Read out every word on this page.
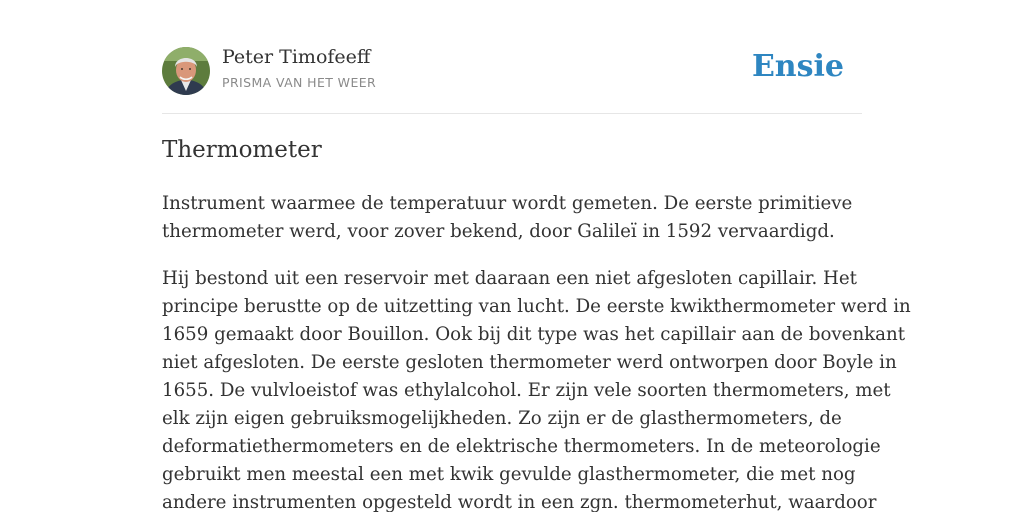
Peter Timofeeff
PRISMA VAN HET WEER	Ensie
Thermometer

Instrument waarmee de temperatuur wordt gemeten. De eerste primitieve
thermometer werd, voor zover bekend, door Galileï in 1592 vervaardigd.

Hij bestond uit een reservoir met daaraan een niet afgesloten capillair. Het
principe berustte op de uitzetting van lucht. De eerste kwikthermometer werd in
1659 gemaakt door Bouillon. Ook bij dit type was het capillair aan de bovenkant
niet afgesloten. De eerste gesloten thermometer werd ontworpen door Boyle in
1655. De vulvloeistof was ethylalcohol. Er zijn vele soorten thermometers, met
elk zijn eigen gebruiksmogelijkheden. Zo zijn er de glasthermometers, de
deformatiethermometers en de elektrische thermometers. In de meteorologie
gebruikt men meestal een met kwik gevulde glasthermometer, die met nog
andere instrumenten opgesteld wordt in een zgn. thermometerhut, waardoor
